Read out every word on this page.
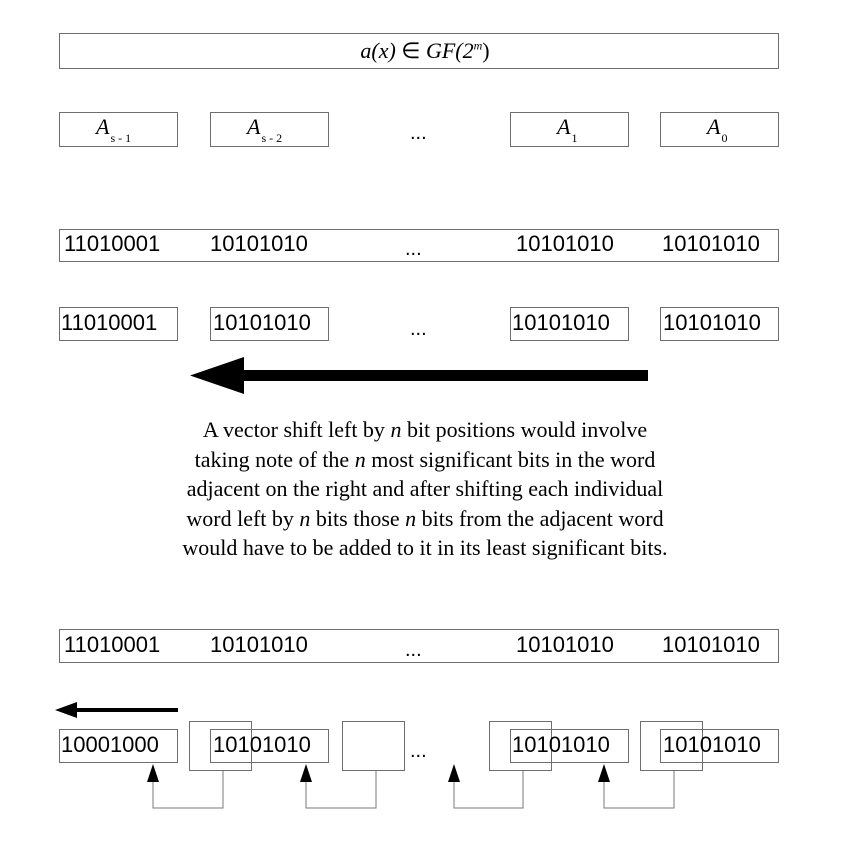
a(x) ∈ GF(2$^m$)
$A_{s - 1}$	$A_{s - 2}$	...	$A_1$	$A_0$
11010001 10101010	...	10101010 10101010
11010001	10101010	...	10101010 10101010
A vector shift left by n bit positions would involve
taking note of the n most significant bits in the word
adjacent on the right and after shifting each individual
word left by n bits those n bits from the adjacent word
would have to be added to it in its least significant bits.
11010001 10101010	...	10101010 10101010
10001000 10101010	...	10101010 10101010
